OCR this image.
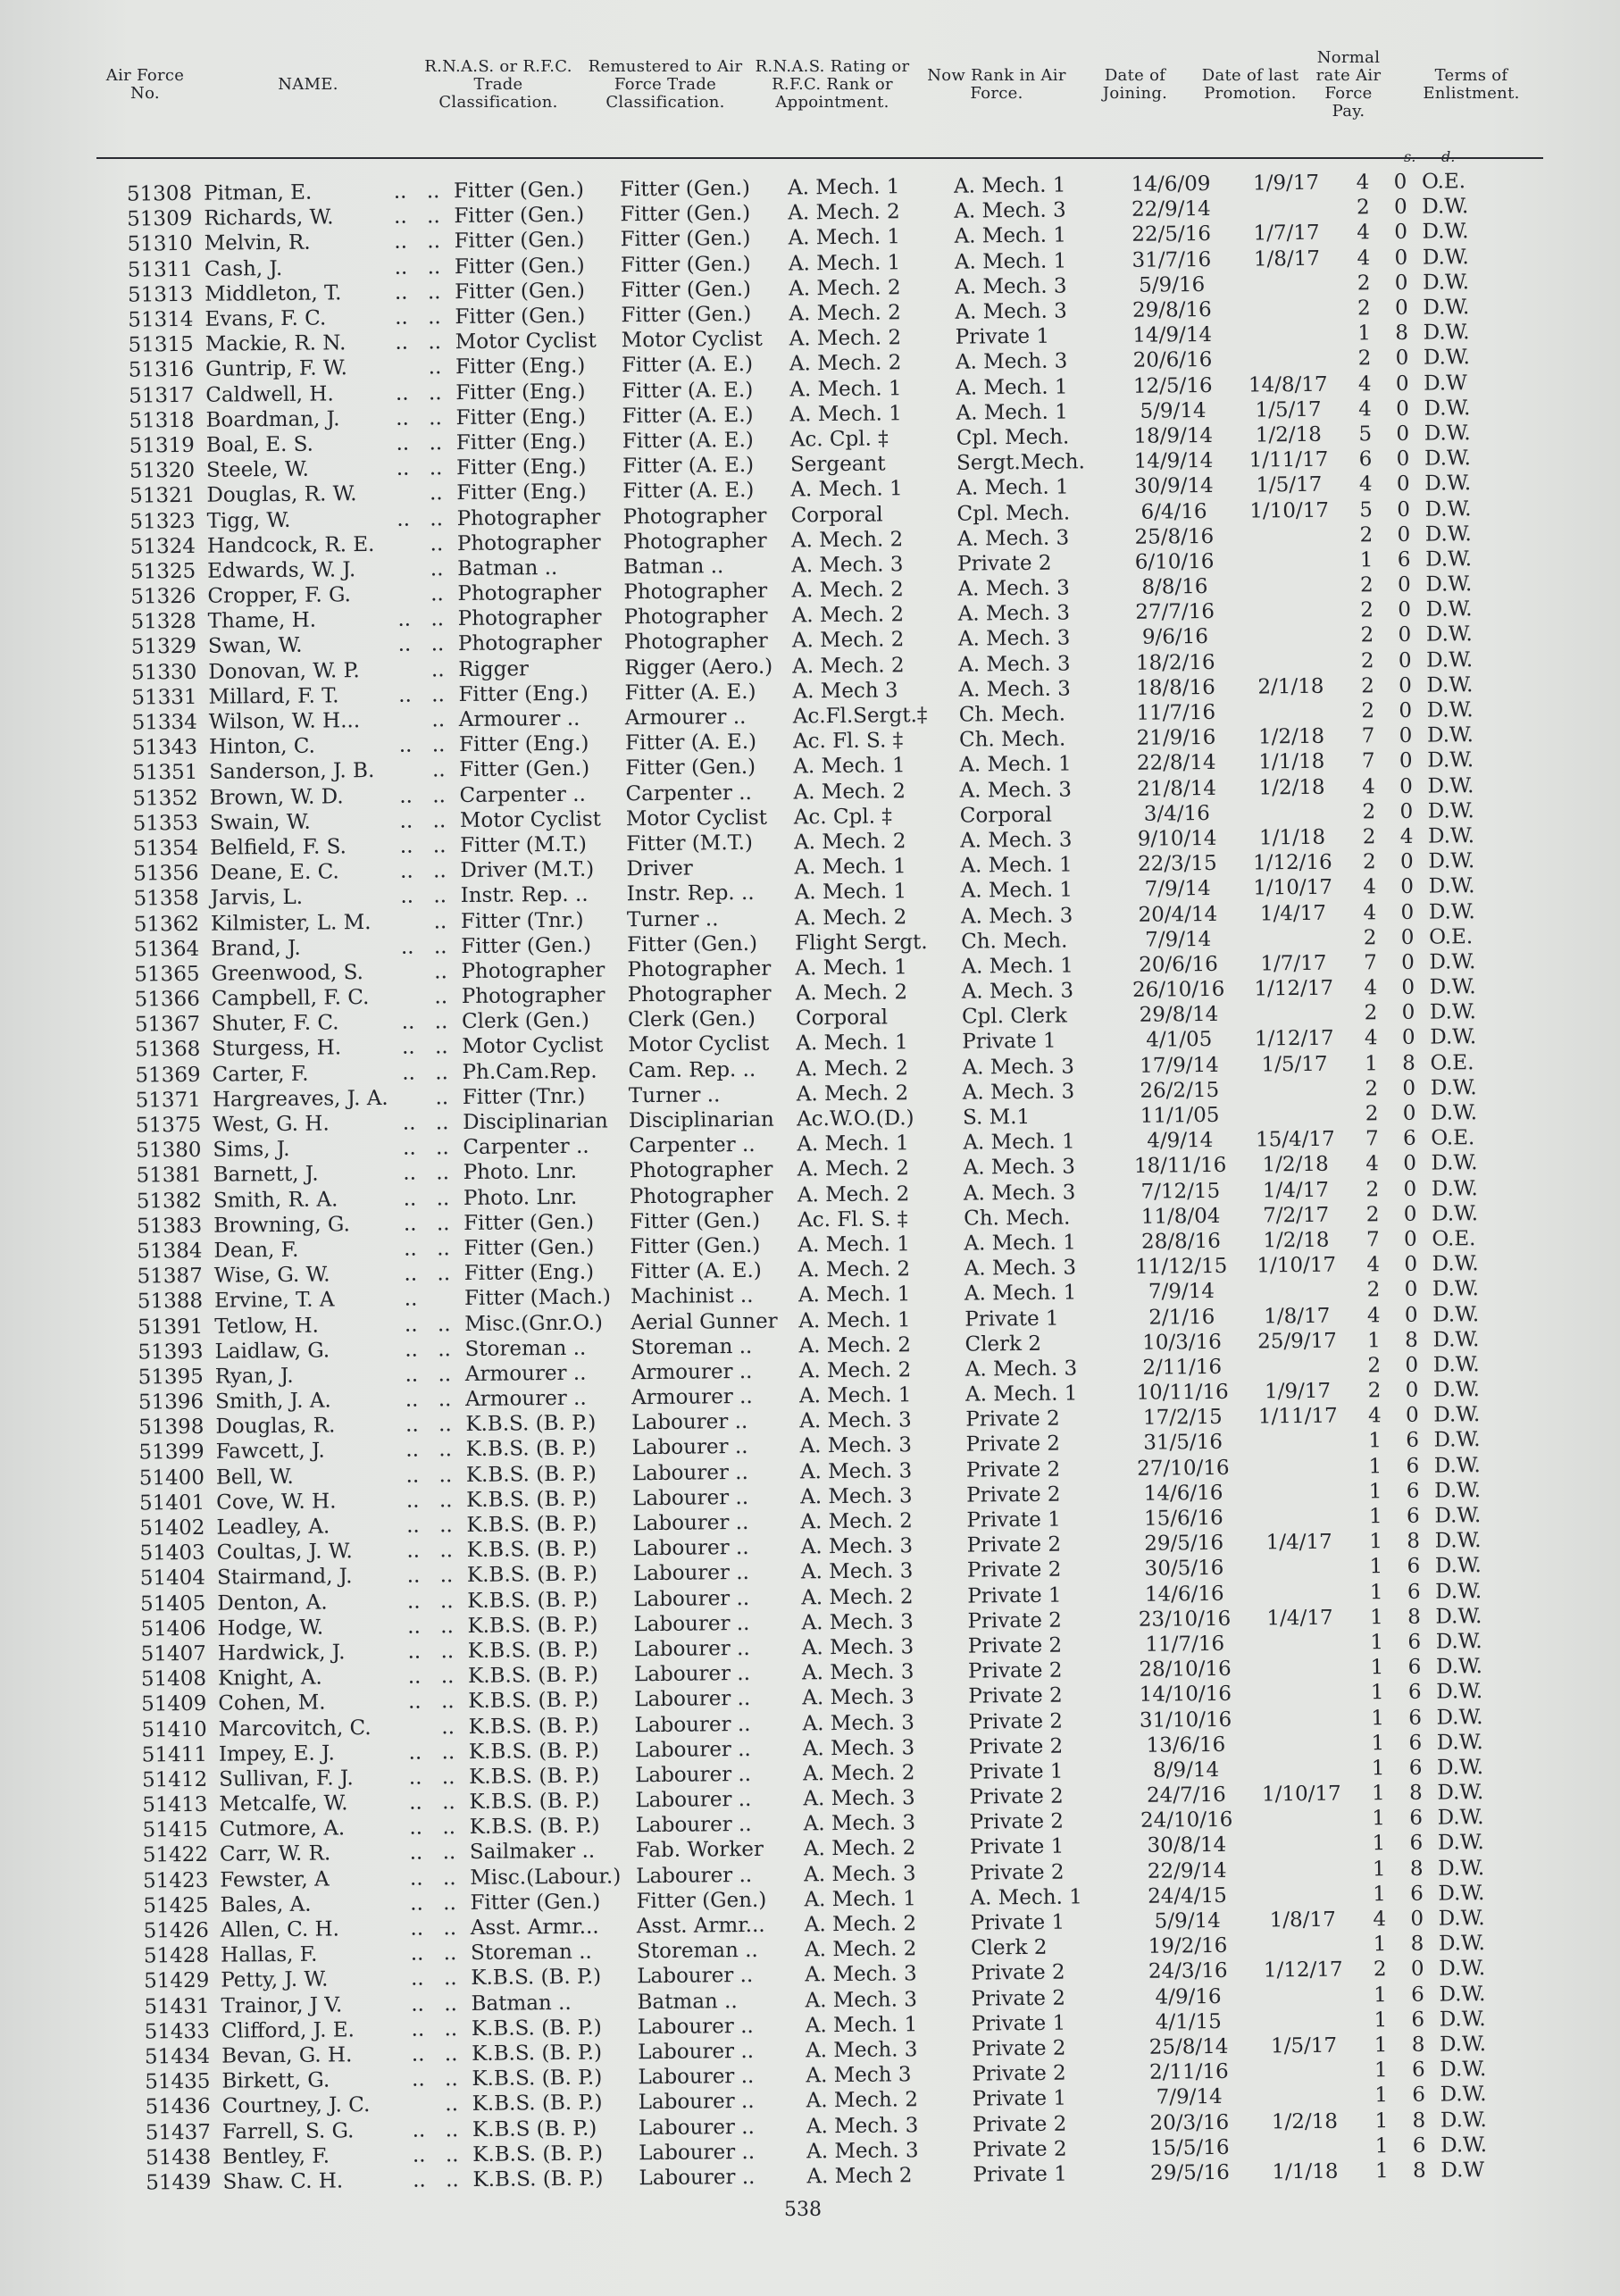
Air Force No.	NAME.	R.N.A.S. or R.F.C. Trade Classification.	Remustered to Air Force Trade Classification.	R.N.A.S. Rating or R.F.C. Rank or Appointment.	Now Rank in Air Force.	Date of Joining.	Date of last Promotion.	Normal rate Air Force Pay.	Terms of Enlistment.
s. d.
51308	Pitman, E.	..	..	Fitter (Gen.)	Fitter (Gen.)	A. Mech. 1	A. Mech. 1	14/6/09	1/9/17	4	0	O.E.
51309	Richards, W.	..	..	Fitter (Gen.)	Fitter (Gen.)	A. Mech. 2	A. Mech. 3	22/9/14		2	0	D.W.
51310	Melvin, R.	..	..	Fitter (Gen.)	Fitter (Gen.)	A. Mech. 1	A. Mech. 1	22/5/16	1/7/17	4	0	D.W.
51311	Cash, J.	..	..	Fitter (Gen.)	Fitter (Gen.)	A. Mech. 1	A. Mech. 1	31/7/16	1/8/17	4	0	D.W.
51313	Middleton, T.	..	..	Fitter (Gen.)	Fitter (Gen.)	A. Mech. 2	A. Mech. 3	5/9/16		2	0	D.W.
51314	Evans, F. C.	..	..	Fitter (Gen.)	Fitter (Gen.)	A. Mech. 2	A. Mech. 3	29/8/16		2	0	D.W.
51315	Mackie, R. N.	..	..	Motor Cyclist	Motor Cyclist	A. Mech. 2	Private 1	14/9/14		1	8	D.W.
51316	Guntrip, F. W.		..	Fitter (Eng.)	Fitter (A. E.)	A. Mech. 2	A. Mech. 3	20/6/16		2	0	D.W.
51317	Caldwell, H.	..	..	Fitter (Eng.)	Fitter (A. E.)	A. Mech. 1	A. Mech. 1	12/5/16	14/8/17	4	0	D.W
51318	Boardman, J.	..	..	Fitter (Eng.)	Fitter (A. E.)	A. Mech. 1	A. Mech. 1	5/9/14	1/5/17	4	0	D.W.
51319	Boal, E. S.	..	..	Fitter (Eng.)	Fitter (A. E.)	Ac. Cpl. ‡	Cpl. Mech.	18/9/14	1/2/18	5	0	D.W.
51320	Steele, W.	..	..	Fitter (Eng.)	Fitter (A. E.)	Sergeant	Sergt.Mech.	14/9/14	1/11/17	6	0	D.W.
51321	Douglas, R. W.		..	Fitter (Eng.)	Fitter (A. E.)	A. Mech. 1	A. Mech. 1	30/9/14	1/5/17	4	0	D.W.
51323	Tigg, W.	..	..	Photographer	Photographer	Corporal	Cpl. Mech.	6/4/16	1/10/17	5	0	D.W.
51324	Handcock, R. E.		..	Photographer	Photographer	A. Mech. 2	A. Mech. 3	25/8/16		2	0	D.W.
51325	Edwards, W. J.		..	Batman ..	Batman ..	A. Mech. 3	Private 2	6/10/16		1	6	D.W.
51326	Cropper, F. G.		..	Photographer	Photographer	A. Mech. 2	A. Mech. 3	8/8/16		2	0	D.W.
51328	Thame, H.	..	..	Photographer	Photographer	A. Mech. 2	A. Mech. 3	27/7/16		2	0	D.W.
51329	Swan, W.	..	..	Photographer	Photographer	A. Mech. 2	A. Mech. 3	9/6/16		2	0	D.W.
51330	Donovan, W. P.		..	Rigger	Rigger (Aero.)	A. Mech. 2	A. Mech. 3	18/2/16		2	0	D.W.
51331	Millard, F. T.	..	..	Fitter (Eng.)	Fitter (A. E.)	A. Mech 3	A. Mech. 3	18/8/16	2/1/18	2	0	D.W.
51334	Wilson, W. H...		..	Armourer ..	Armourer ..	Ac.Fl.Sergt.‡	Ch. Mech.	11/7/16		2	0	D.W.
51343	Hinton, C.	..	..	Fitter (Eng.)	Fitter (A. E.)	Ac. Fl. S. ‡	Ch. Mech.	21/9/16	1/2/18	7	0	D.W.
51351	Sanderson, J. B.		..	Fitter (Gen.)	Fitter (Gen.)	A. Mech. 1	A. Mech. 1	22/8/14	1/1/18	7	0	D.W.
51352	Brown, W. D.	..	..	Carpenter ..	Carpenter ..	A. Mech. 2	A. Mech. 3	21/8/14	1/2/18	4	0	D.W.
51353	Swain, W.	..	..	Motor Cyclist	Motor Cyclist	Ac. Cpl. ‡	Corporal	3/4/16		2	0	D.W.
51354	Belfield, F. S.	..	..	Fitter (M.T.)	Fitter (M.T.)	A. Mech. 2	A. Mech. 3	9/10/14	1/1/18	2	4	D.W.
51356	Deane, E. C.	..	..	Driver (M.T.)	Driver	A. Mech. 1	A. Mech. 1	22/3/15	1/12/16	2	0	D.W.
51358	Jarvis, L.	..	..	Instr. Rep. ..	Instr. Rep. ..	A. Mech. 1	A. Mech. 1	7/9/14	1/10/17	4	0	D.W.
51362	Kilmister, L. M.		..	Fitter (Tnr.)	Turner ..	A. Mech. 2	A. Mech. 3	20/4/14	1/4/17	4	0	D.W.
51364	Brand, J.	..	..	Fitter (Gen.)	Fitter (Gen.)	Flight Sergt.	Ch. Mech.	7/9/14		2	0	O.E.
51365	Greenwood, S.		..	Photographer	Photographer	A. Mech. 1	A. Mech. 1	20/6/16	1/7/17	7	0	D.W.
51366	Campbell, F. C.		..	Photographer	Photographer	A. Mech. 2	A. Mech. 3	26/10/16	1/12/17	4	0	D.W.
51367	Shuter, F. C.	..	..	Clerk (Gen.)	Clerk (Gen.)	Corporal	Cpl. Clerk	29/8/14		2	0	D.W.
51368	Sturgess, H.	..	..	Motor Cyclist	Motor Cyclist	A. Mech. 1	Private 1	4/1/05	1/12/17	4	0	D.W.
51369	Carter, F.	..	..	Ph.Cam.Rep.	Cam. Rep. ..	A. Mech. 2	A. Mech. 3	17/9/14	1/5/17	1	8	O.E.
51371	Hargreaves, J. A.		..	Fitter (Tnr.)	Turner ..	A. Mech. 2	A. Mech. 3	26/2/15		2	0	D.W.
51375	West, G. H.	..	..	Disciplinarian	Disciplinarian	Ac.W.O.(D.)	S. M.1	11/1/05		2	0	D.W.
51380	Sims, J.	..	..	Carpenter ..	Carpenter ..	A. Mech. 1	A. Mech. 1	4/9/14	15/4/17	7	6	O.E.
51381	Barnett, J.	..	..	Photo. Lnr.	Photographer	A. Mech. 2	A. Mech. 3	18/11/16	1/2/18	4	0	D.W.
51382	Smith, R. A.	..	..	Photo. Lnr.	Photographer	A. Mech. 2	A. Mech. 3	7/12/15	1/4/17	2	0	D.W.
51383	Browning, G.	..	..	Fitter (Gen.)	Fitter (Gen.)	Ac. Fl. S. ‡	Ch. Mech.	11/8/04	7/2/17	2	0	D.W.
51384	Dean, F.	..	..	Fitter (Gen.)	Fitter (Gen.)	A. Mech. 1	A. Mech. 1	28/8/16	1/2/18	7	0	O.E.
51387	Wise, G. W.	..	..	Fitter (Eng.)	Fitter (A. E.)	A. Mech. 2	A. Mech. 3	11/12/15	1/10/17	4	0	D.W.
51388	Ervine, T. A	..		Fitter (Mach.)	Machinist ..	A. Mech. 1	A. Mech. 1	7/9/14		2	0	D.W.
51391	Tetlow, H.	..	..	Misc.(Gnr.O.)	Aerial Gunner	A. Mech. 1	Private 1	2/1/16	1/8/17	4	0	D.W.
51393	Laidlaw, G.	..	..	Storeman ..	Storeman ..	A. Mech. 2	Clerk 2	10/3/16	25/9/17	1	8	D.W.
51395	Ryan, J.	..	..	Armourer ..	Armourer ..	A. Mech. 2	A. Mech. 3	2/11/16		2	0	D.W.
51396	Smith, J. A.	..	..	Armourer ..	Armourer ..	A. Mech. 1	A. Mech. 1	10/11/16	1/9/17	2	0	D.W.
51398	Douglas, R.	..	..	K.B.S. (B. P.)	Labourer ..	A. Mech. 3	Private 2	17/2/15	1/11/17	4	0	D.W.
51399	Fawcett, J.	..	..	K.B.S. (B. P.)	Labourer ..	A. Mech. 3	Private 2	31/5/16		1	6	D.W.
51400	Bell, W.	..	..	K.B.S. (B. P.)	Labourer ..	A. Mech. 3	Private 2	27/10/16		1	6	D.W.
51401	Cove, W. H.	..	..	K.B.S. (B. P.)	Labourer ..	A. Mech. 3	Private 2	14/6/16		1	6	D.W.
51402	Leadley, A.	..	..	K.B.S. (B. P.)	Labourer ..	A. Mech. 2	Private 1	15/6/16		1	6	D.W.
51403	Coultas, J. W.	..	..	K.B.S. (B. P.)	Labourer ..	A. Mech. 3	Private 2	29/5/16	1/4/17	1	8	D.W.
51404	Stairmand, J.	..	..	K.B.S. (B. P.)	Labourer ..	A. Mech. 3	Private 2	30/5/16		1	6	D.W.
51405	Denton, A.	..	..	K.B.S. (B. P.)	Labourer ..	A. Mech. 2	Private 1	14/6/16		1	6	D.W.
51406	Hodge, W.	..	..	K.B.S. (B. P.)	Labourer ..	A. Mech. 3	Private 2	23/10/16	1/4/17	1	8	D.W.
51407	Hardwick, J.	..	..	K.B.S. (B. P.)	Labourer ..	A. Mech. 3	Private 2	11/7/16		1	6	D.W.
51408	Knight, A.	..	..	K.B.S. (B. P.)	Labourer ..	A. Mech. 3	Private 2	28/10/16		1	6	D.W.
51409	Cohen, M.	..	..	K.B.S. (B. P.)	Labourer ..	A. Mech. 3	Private 2	14/10/16		1	6	D.W.
51410	Marcovitch, C.		..	K.B.S. (B. P.)	Labourer ..	A. Mech. 3	Private 2	31/10/16		1	6	D.W.
51411	Impey, E. J.	..	..	K.B.S. (B. P.)	Labourer ..	A. Mech. 3	Private 2	13/6/16		1	6	D.W.
51412	Sullivan, F. J.	..	..	K.B.S. (B. P.)	Labourer ..	A. Mech. 2	Private 1	8/9/14		1	6	D.W.
51413	Metcalfe, W.	..	..	K.B.S. (B. P.)	Labourer ..	A. Mech. 3	Private 2	24/7/16	1/10/17	1	8	D.W.
51415	Cutmore, A.	..	..	K.B.S. (B. P.)	Labourer ..	A. Mech. 3	Private 2	24/10/16		1	6	D.W.
51422	Carr, W. R.	..	..	Sailmaker ..	Fab. Worker	A. Mech. 2	Private 1	30/8/14		1	6	D.W.
51423	Fewster, A	..	..	Misc.(Labour.)	Labourer ..	A. Mech. 3	Private 2	22/9/14		1	8	D.W.
51425	Bales, A.	..	..	Fitter (Gen.)	Fitter (Gen.)	A. Mech. 1	A. Mech. 1	24/4/15		1	6	D.W.
51426	Allen, C. H.	..	..	Asst. Armr...	Asst. Armr...	A. Mech. 2	Private 1	5/9/14	1/8/17	4	0	D.W.
51428	Hallas, F.	..	..	Storeman ..	Storeman ..	A. Mech. 2	Clerk 2	19/2/16		1	8	D.W.
51429	Petty, J. W.	..	..	K.B.S. (B. P.)	Labourer ..	A. Mech. 3	Private 2	24/3/16	1/12/17	2	0	D.W.
51431	Trainor, J V.	..	..	Batman ..	Batman ..	A. Mech. 3	Private 2	4/9/16		1	6	D.W.
51433	Clifford, J. E.	..	..	K.B.S. (B. P.)	Labourer ..	A. Mech. 1	Private 1	4/1/15		1	6	D.W.
51434	Bevan, G. H.	..	..	K.B.S. (B. P.)	Labourer ..	A. Mech. 3	Private 2	25/8/14	1/5/17	1	8	D.W.
51435	Birkett, G.	..	..	K.B.S. (B. P.)	Labourer ..	A. Mech 3	Private 2	2/11/16		1	6	D.W.
51436	Courtney, J. C.		..	K.B.S. (B. P.)	Labourer ..	A. Mech. 2	Private 1	7/9/14		1	6	D.W.
51437	Farrell, S. G.	..	..	K.B.S (B. P.)	Labourer ..	A. Mech. 3	Private 2	20/3/16	1/2/18	1	8	D.W.
51438	Bentley, F.	..	..	K.B.S. (B. P.)	Labourer ..	A. Mech. 3	Private 2	15/5/16		1	6	D.W.
51439	Shaw. C. H.	..	..	K.B.S. (B. P.)	Labourer ..	A. Mech 2	Private 1	29/5/16	1/1/18	1	8	D.W
538
